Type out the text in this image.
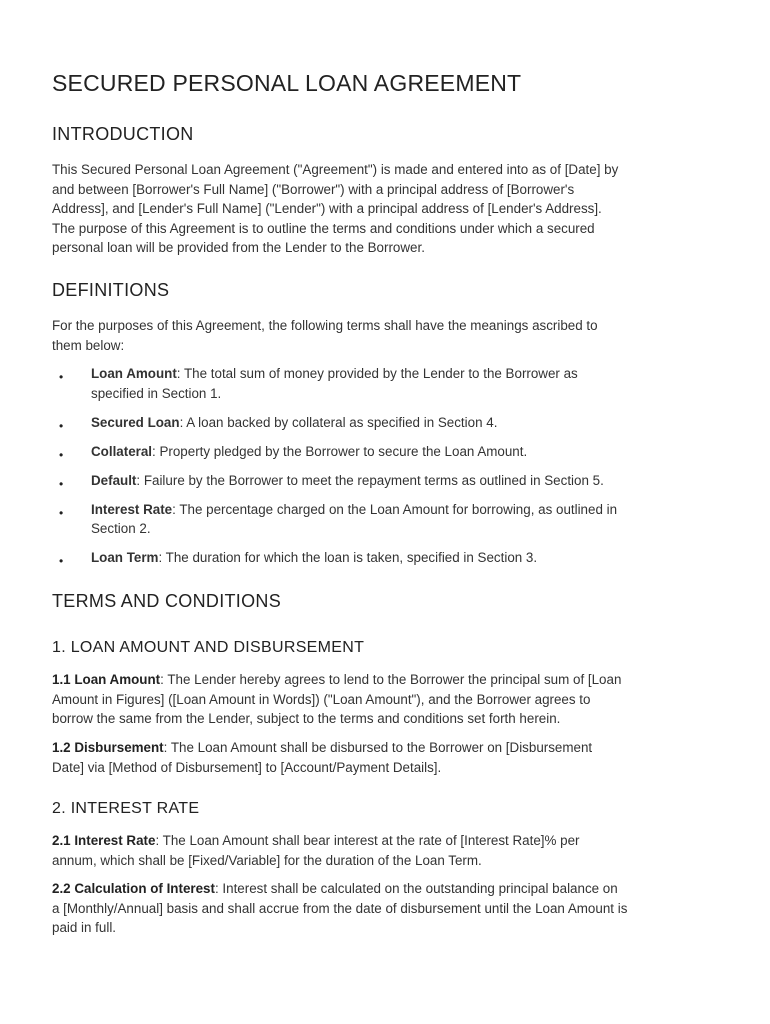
SECURED PERSONAL LOAN AGREEMENT
INTRODUCTION

This Secured Personal Loan Agreement ("Agreement") is made and entered into as of [Date] by
and between [Borrower's Full Name] ("Borrower") with a principal address of [Borrower's
Address], and [Lender's Full Name] ("Lender") with a principal address of [Lender's Address].
The purpose of this Agreement is to outline the terms and conditions under which a secured
personal loan will be provided from the Lender to the Borrower.

DEFINITIONS

For the purposes of this Agreement, the following terms shall have the meanings ascribed to
them below:

• Loan Amount: The total sum of money provided by the Lender to the Borrower as
specified in Section 1.
• Secured Loan: A loan backed by collateral as specified in Section 4.
• Collateral: Property pledged by the Borrower to secure the Loan Amount.
• Default: Failure by the Borrower to meet the repayment terms as outlined in Section 5.
• Interest Rate: The percentage charged on the Loan Amount for borrowing, as outlined in
Section 2.
• Loan Term: The duration for which the loan is taken, specified in Section 3.
TERMS AND CONDITIONS
1. LOAN AMOUNT AND DISBURSEMENT

1.1 Loan Amount: The Lender hereby agrees to lend to the Borrower the principal sum of [Loan
Amount in Figures] ([Loan Amount in Words]) ("Loan Amount"), and the Borrower agrees to
borrow the same from the Lender, subject to the terms and conditions set forth herein.

1.2 Disbursement: The Loan Amount shall be disbursed to the Borrower on [Disbursement
Date] via [Method of Disbursement] to [Account/Payment Details].

2. INTEREST RATE

2.1 Interest Rate: The Loan Amount shall bear interest at the rate of [Interest Rate]% per
annum, which shall be [Fixed/Variable] for the duration of the Loan Term.

2.2 Calculation of Interest: Interest shall be calculated on the outstanding principal balance on
a [Monthly/Annual] basis and shall accrue from the date of disbursement until the Loan Amount is
paid in full.
